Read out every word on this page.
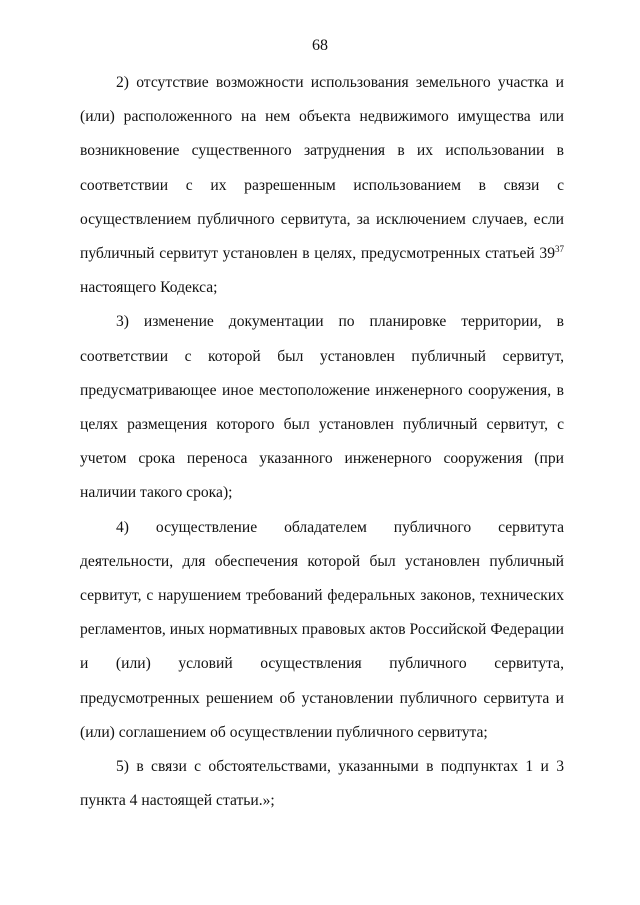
68

2) отсутствие возможности использования земельного участка и (или) расположенного на нем объекта недвижимого имущества или возникновение существенного затруднения в их использовании в соответствии с их разрешенным использованием в связи с осуществлением публичного сервитута, за исключением случаев, если публичный сервитут установлен в целях, предусмотренных статьей $39^{37}$ настоящего Кодекса;

3) изменение документации по планировке территории, в соответствии с которой был установлен публичный сервитут, предусматривающее иное местоположение инженерного сооружения, в целях размещения которого был установлен публичный сервитут, с учетом срока переноса указанного инженерного сооружения (при наличии такого срока);

4) осуществление обладателем публичного сервитута деятельности, для обеспечения которой был установлен публичный сервитут, с нарушением требований федеральных законов, технических регламентов, иных нормативных правовых актов Российской Федерации и (или) условий осуществления публичного сервитута, предусмотренных решением об установлении публичного сервитута и (или) соглашением об осуществлении публичного сервитута;

5) в связи с обстоятельствами, указанными в подпунктах 1 и 3 пункта 4 настоящей статьи.»;
